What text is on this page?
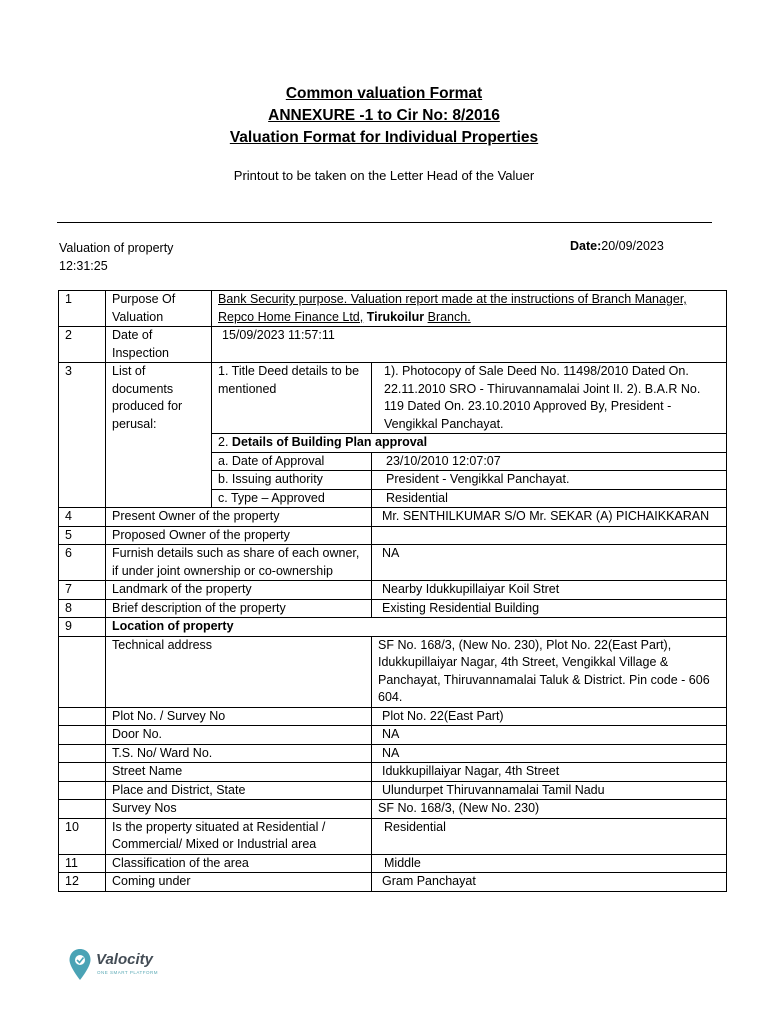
Common valuation Format
ANNEXURE -1 to Cir No: 8/2016
Valuation Format for Individual Properties
Printout to be taken on the Letter Head of the Valuer
Valuation of property
12:31:25
Date:20/09/2023
1	Purpose Of Valuation	Bank Security purpose. Valuation report made at the instructions of Branch Manager, Repco Home Finance Ltd, Tirukoilur Branch.	
2	Date of Inspection	15/09/2023 11:57:11	
3	List of documents produced for perusal:	1. Title Deed details to be mentioned	1). Photocopy of Sale Deed No. 11498/2010 Dated On. 22.11.2010 SRO - Thiruvannamalai Joint II. 2). B.A.R No. 119 Dated On. 23.10.2010 Approved By, President - Vengikkal Panchayat.
		2. Details of Building Plan approval	
		a. Date of Approval	23/10/2010 12:07:07
		b. Issuing authority	President - Vengikkal Panchayat.
		c. Type – Approved	Residential
4	Present Owner of the property		Mr. SENTHILKUMAR S/O Mr. SEKAR (A) PICHAIKKARAN
5	Proposed Owner of the property		
6	Furnish details such as share of each owner, if under joint ownership or co-ownership		NA
7	Landmark of the property		Nearby Idukkupillaiyar Koil Stret
8	Brief description of the property		Existing Residential Building
9	Location of property		
	Technical address		SF No. 168/3, (New No. 230), Plot No. 22(East Part), Idukkupillaiyar Nagar, 4th Street, Vengikkal Village & Panchayat, Thiruvannamalai Taluk & District. Pin code - 606 604.
	Plot No. / Survey No		Plot No. 22(East Part)
	Door No.		NA
	T.S. No/ Ward No.		NA
	Street Name		Idukkupillaiyar Nagar, 4th Street
	Place and District, State		Ulundurpet Thiruvannamalai Tamil Nadu
	Survey Nos		SF No. 168/3, (New No. 230)
10	Is the property situated at Residential / Commercial/ Mixed or Industrial area		Residential
11	Classification of the area		Middle
12	Coming under		Gram Panchayat
Valocity
ONE SMART PLATFORM
